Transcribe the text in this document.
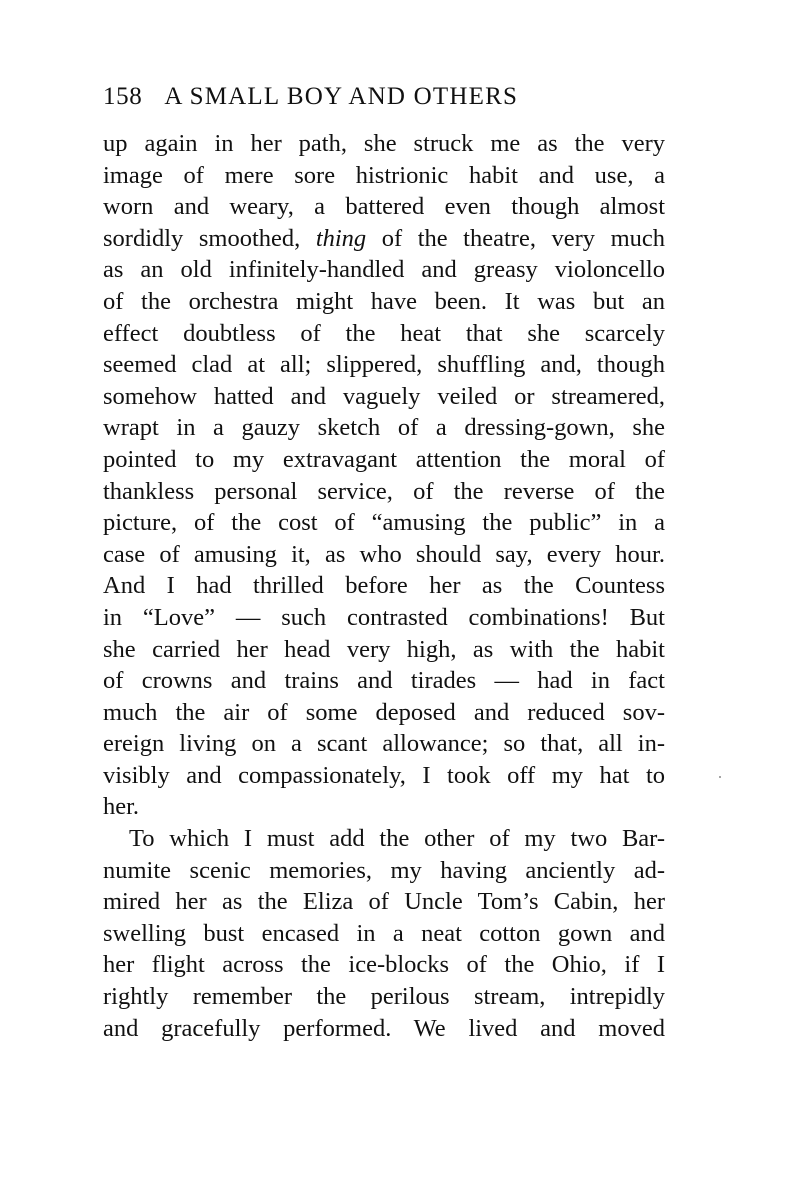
158 A SMALL BOY AND OTHERS
up again in her path, she struck me as the very
image of mere sore histrionic habit and use, a
worn and weary, a battered even though almost
sordidly smoothed, thing of the theatre, very much
as an old infinitely-handled and greasy violoncello
of the orchestra might have been. It was but an
effect doubtless of the heat that she scarcely
seemed clad at all; slippered, shuffling and, though
somehow hatted and vaguely veiled or streamered,
wrapt in a gauzy sketch of a dressing-gown, she
pointed to my extravagant attention the moral of
thankless personal service, of the reverse of the
picture, of the cost of “amusing the public” in a
case of amusing it, as who should say, every hour.
And I had thrilled before her as the Countess
in “Love” — such contrasted combinations! But
she carried her head very high, as with the habit
of crowns and trains and tirades — had in fact
much the air of some deposed and reduced sov-
ereign living on a scant allowance; so that, all in-
visibly and compassionately, I took off my hat to
her.
To which I must add the other of my two Bar-
numite scenic memories, my having anciently ad-
mired her as the Eliza of Uncle Tom’s Cabin, her
swelling bust encased in a neat cotton gown and
her flight across the ice-blocks of the Ohio, if I
rightly remember the perilous stream, intrepidly
and gracefully performed. We lived and moved
